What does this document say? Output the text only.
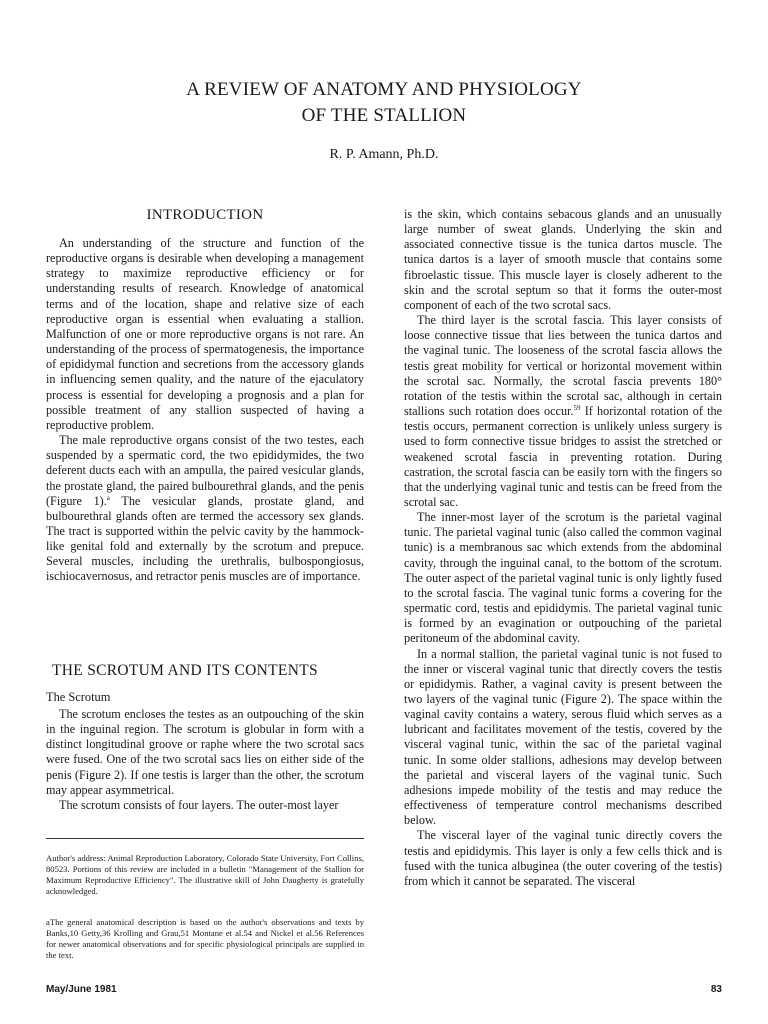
A REVIEW OF ANATOMY AND PHYSIOLOGY
OF THE STALLION
R. P. Amann, Ph.D.
INTRODUCTION

An understanding of the structure and function of the reproductive organs is desirable when developing a management strategy to maximize reproductive efficiency or for understanding results of research. Knowledge of anatomical terms and of the location, shape and relative size of each reproductive organ is essential when evaluating a stallion. Malfunction of one or more reproductive organs is not rare. An understanding of the process of spermatogenesis, the importance of epididymal function and secretions from the accessory glands in influencing semen quality, and the nature of the ejaculatory process is essential for developing a prognosis and a plan for possible treatment of any stallion suspected of having a reproductive problem.

The male reproductive organs consist of the two testes, each suspended by a spermatic cord, the two epididymides, the two deferent ducts each with an ampulla, the paired vesicular glands, the prostate gland, the paired bulbourethral glands, and the penis (Figure 1).$^a$ The vesicular glands, prostate gland, and bulbourethral glands often are termed the accessory sex glands. The tract is supported within the pelvic cavity by the hammock-like genital fold and externally by the scrotum and prepuce. Several muscles, including the urethralis, bulbospongiosus, ischiocavernosus, and retractor penis muscles are of importance.

THE SCROTUM AND ITS CONTENTS
The Scrotum

The scrotum encloses the testes as an outpouching of the skin in the inguinal region. The scrotum is globular in form with a distinct longitudinal groove or raphe where the two scrotal sacs were fused. One of the two scrotal sacs lies on either side of the penis (Figure 2). If one testis is larger than the other, the scrotum may appear asymmetrical.

The scrotum consists of four layers. The outer-most layer

Author's address: Animal Reproduction Laboratory, Colorado State University, Fort Collins, 80523. Portions of this review are included in a bulletin "Management of the Stallion for Maximum Reproductive Efficiency". The illustrative skill of John Daugherty is gratefully acknowledged.

aThe general anatomical description is based on the author's observations and texts by Banks,10 Getty,36 Krolling and Grau,51 Montane et al.54 and Nickel et al.56 References for newer anatomical observations and for specific physiological principals are supplied in the text.

is the skin, which contains sebacous glands and an unusually large number of sweat glands. Underlying the skin and associated connective tissue is the tunica dartos muscle. The tunica dartos is a layer of smooth muscle that contains some fibroelastic tissue. This muscle layer is closely adherent to the skin and the scrotal septum so that it forms the outer-most component of each of the two scrotal sacs.

The third layer is the scrotal fascia. This layer consists of loose connective tissue that lies between the tunica dartos and the vaginal tunic. The looseness of the scrotal fascia allows the testis great mobility for vertical or horizontal movement within the scrotal sac. Normally, the scrotal fascia prevents 180° rotation of the testis within the scrotal sac, although in certain stallions such rotation does occur.$^{59}$ If horizontal rotation of the testis occurs, permanent correction is unlikely unless surgery is used to form connective tissue bridges to assist the stretched or weakened scrotal fascia in preventing rotation. During castration, the scrotal fascia can be easily torn with the fingers so that the underlying vaginal tunic and testis can be freed from the scrotal sac.

The inner-most layer of the scrotum is the parietal vaginal tunic. The parietal vaginal tunic (also called the common vaginal tunic) is a membranous sac which extends from the abdominal cavity, through the inguinal canal, to the bottom of the scrotum. The outer aspect of the parietal vaginal tunic is only lightly fused to the scrotal fascia. The vaginal tunic forms a covering for the spermatic cord, testis and epididymis. The parietal vaginal tunic is formed by an evagination or outpouching of the parietal peritoneum of the abdominal cavity.

In a normal stallion, the parietal vaginal tunic is not fused to the inner or visceral vaginal tunic that directly covers the testis or epididymis. Rather, a vaginal cavity is present between the two layers of the vaginal tunic (Figure 2). The space within the vaginal cavity contains a watery, serous fluid which serves as a lubricant and facilitates movement of the testis, covered by the visceral vaginal tunic, within the sac of the parietal vaginal tunic. In some older stallions, adhesions may develop between the parietal and visceral layers of the vaginal tunic. Such adhesions impede mobility of the testis and may reduce the effectiveness of temperature control mechanisms described below.

The visceral layer of the vaginal tunic directly covers the testis and epididymis. This layer is only a few cells thick and is fused with the tunica albuginea (the outer covering of the testis) from which it cannot be separated. The visceral

May/June 1981	83
